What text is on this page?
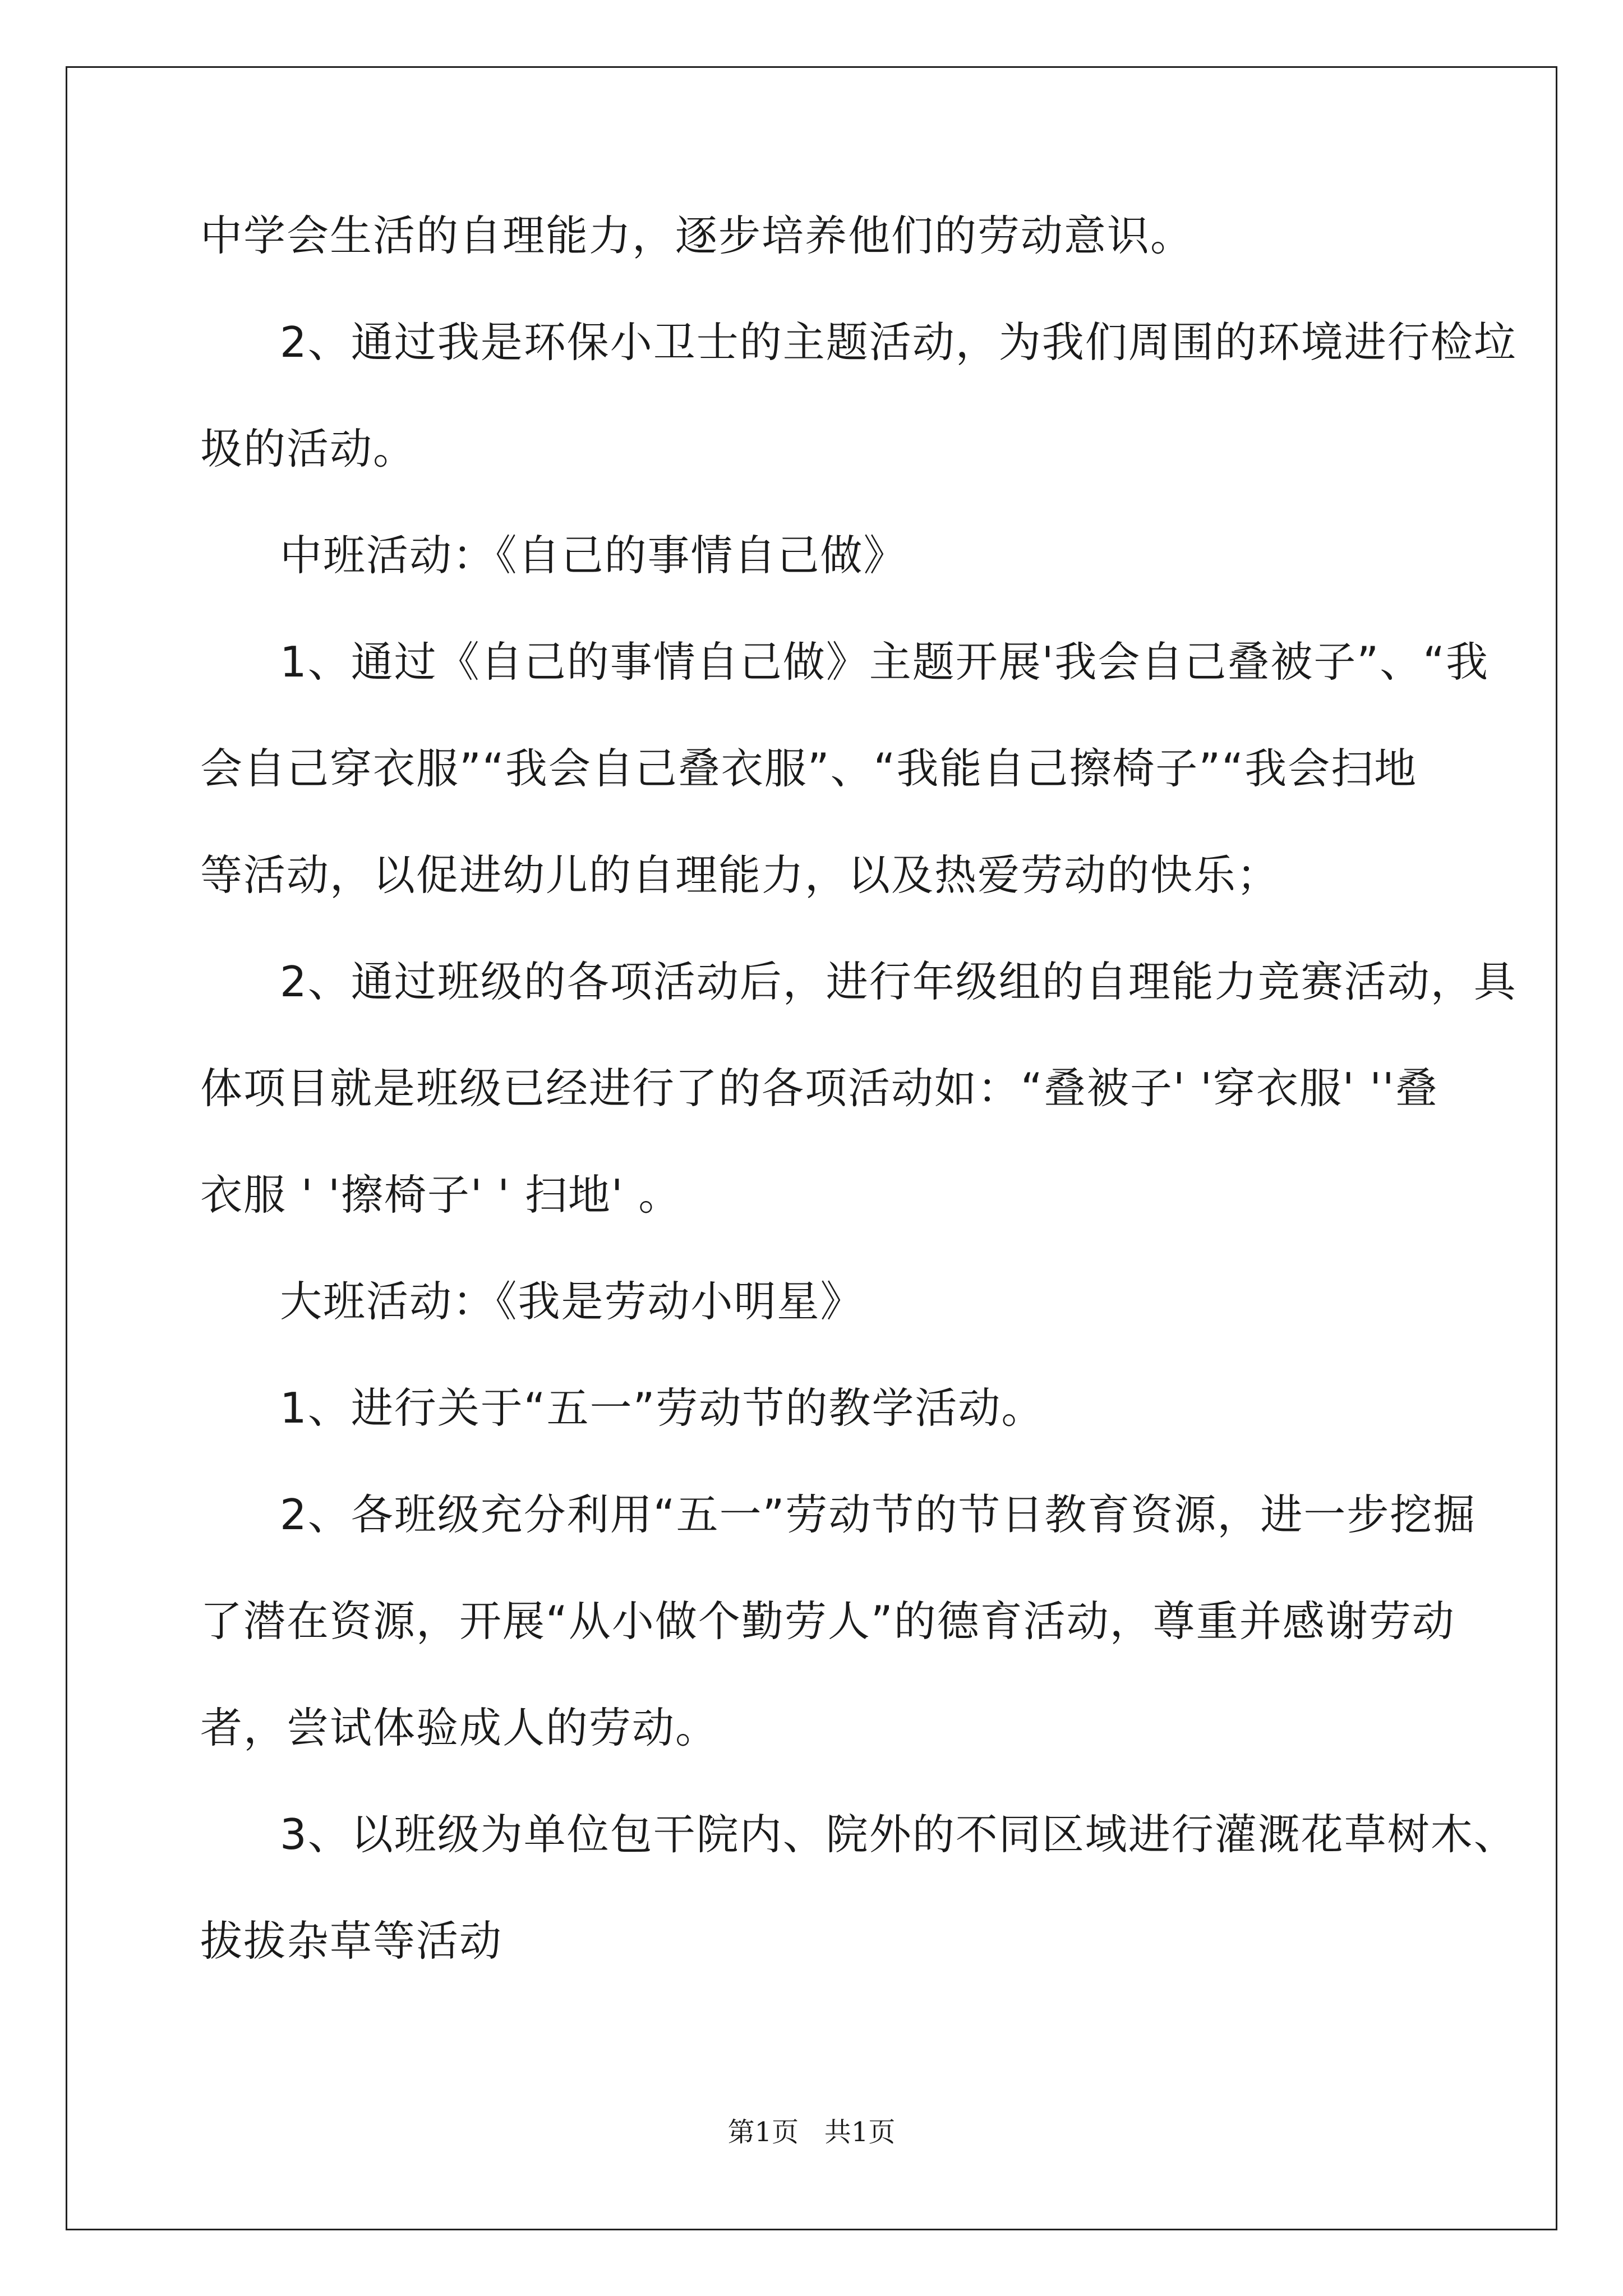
中学会生活的自理能力，逐步培养他们的劳动意识。
2、通过我是环保小卫士的主题活动，为我们周围的环境进行检垃
圾的活动。
中班活动：《自己的事情自己做》
1、通过《自己的事情自己做》主题开展'我会自己叠被子”、“我
会自己穿衣服”“我会自己叠衣服”、“我能自己擦椅子”“我会扫地
等活动，以促进幼儿的自理能力，以及热爱劳动的快乐；
2、通过班级的各项活动后，进行年级组的自理能力竞赛活动，具
体项目就是班级已经进行了的各项活动如：“叠被子' '穿衣服' ''叠
衣服 ' '擦椅子' ' 扫地' 。
大班活动：《我是劳动小明星》
1、进行关于“五一”劳动节的教学活动。
2、各班级充分利用“五一”劳动节的节日教育资源，进一步挖掘
了潜在资源，开展“从小做个勤劳人”的德育活动，尊重并感谢劳动
者，尝试体验成人的劳动。
3、以班级为单位包干院内、院外的不同区域进行灌溉花草树木、
拔拔杂草等活动
第1页   共1页
